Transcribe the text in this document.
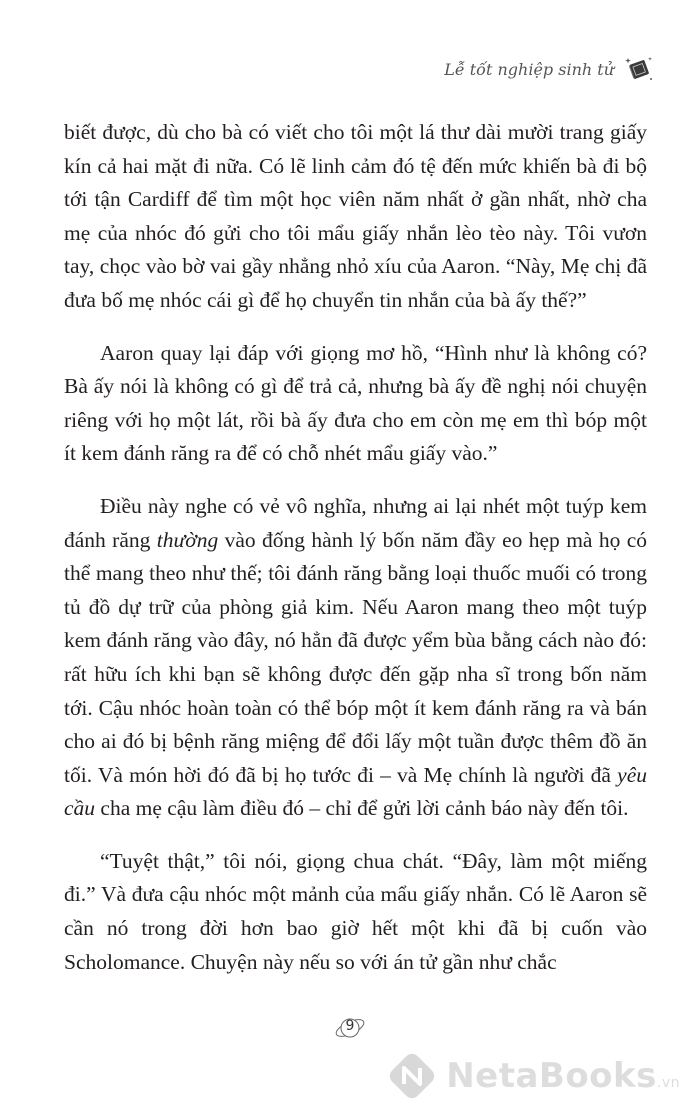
Lễ tốt nghiệp sinh tử

biết được, dù cho bà có viết cho tôi một lá thư dài mười trang giấy kín cả hai mặt đi nữa. Có lẽ linh cảm đó tệ đến mức khiến bà đi bộ tới tận Cardiff để tìm một học viên năm nhất ở gần nhất, nhờ cha mẹ của nhóc đó gửi cho tôi mẩu giấy nhắn lèo tèo này. Tôi vươn tay, chọc vào bờ vai gầy nhẳng nhỏ xíu của Aaron. “Này, Mẹ chị đã đưa bố mẹ nhóc cái gì để họ chuyển tin nhắn của bà ấy thế?”

Aaron quay lại đáp với giọng mơ hồ, “Hình như là không có? Bà ấy nói là không có gì để trả cả, nhưng bà ấy đề nghị nói chuyện riêng với họ một lát, rồi bà ấy đưa cho em còn mẹ em thì bóp một ít kem đánh răng ra để có chỗ nhét mẩu giấy vào.”

Điều này nghe có vẻ vô nghĩa, nhưng ai lại nhét một tuýp kem đánh răng thường vào đống hành lý bốn năm đầy eo hẹp mà họ có thể mang theo như thế; tôi đánh răng bằng loại thuốc muối có trong tủ đồ dự trữ của phòng giả kim. Nếu Aaron mang theo một tuýp kem đánh răng vào đây, nó hẳn đã được yểm bùa bằng cách nào đó: rất hữu ích khi bạn sẽ không được đến gặp nha sĩ trong bốn năm tới. Cậu nhóc hoàn toàn có thể bóp một ít kem đánh răng ra và bán cho ai đó bị bệnh răng miệng để đổi lấy một tuần được thêm đồ ăn tối. Và món hời đó đã bị họ tước đi – và Mẹ chính là người đã yêu cầu cha mẹ cậu làm điều đó – chỉ để gửi lời cảnh báo này đến tôi.

“Tuyệt thật,” tôi nói, giọng chua chát. “Đây, làm một miếng đi.” Và đưa cậu nhóc một mảnh của mẩu giấy nhắn. Có lẽ Aaron sẽ cần nó trong đời hơn bao giờ hết một khi đã bị cuốn vào Scholomance. Chuyện này nếu so với án tử gần như chắc

9
NetaBooks.vn
